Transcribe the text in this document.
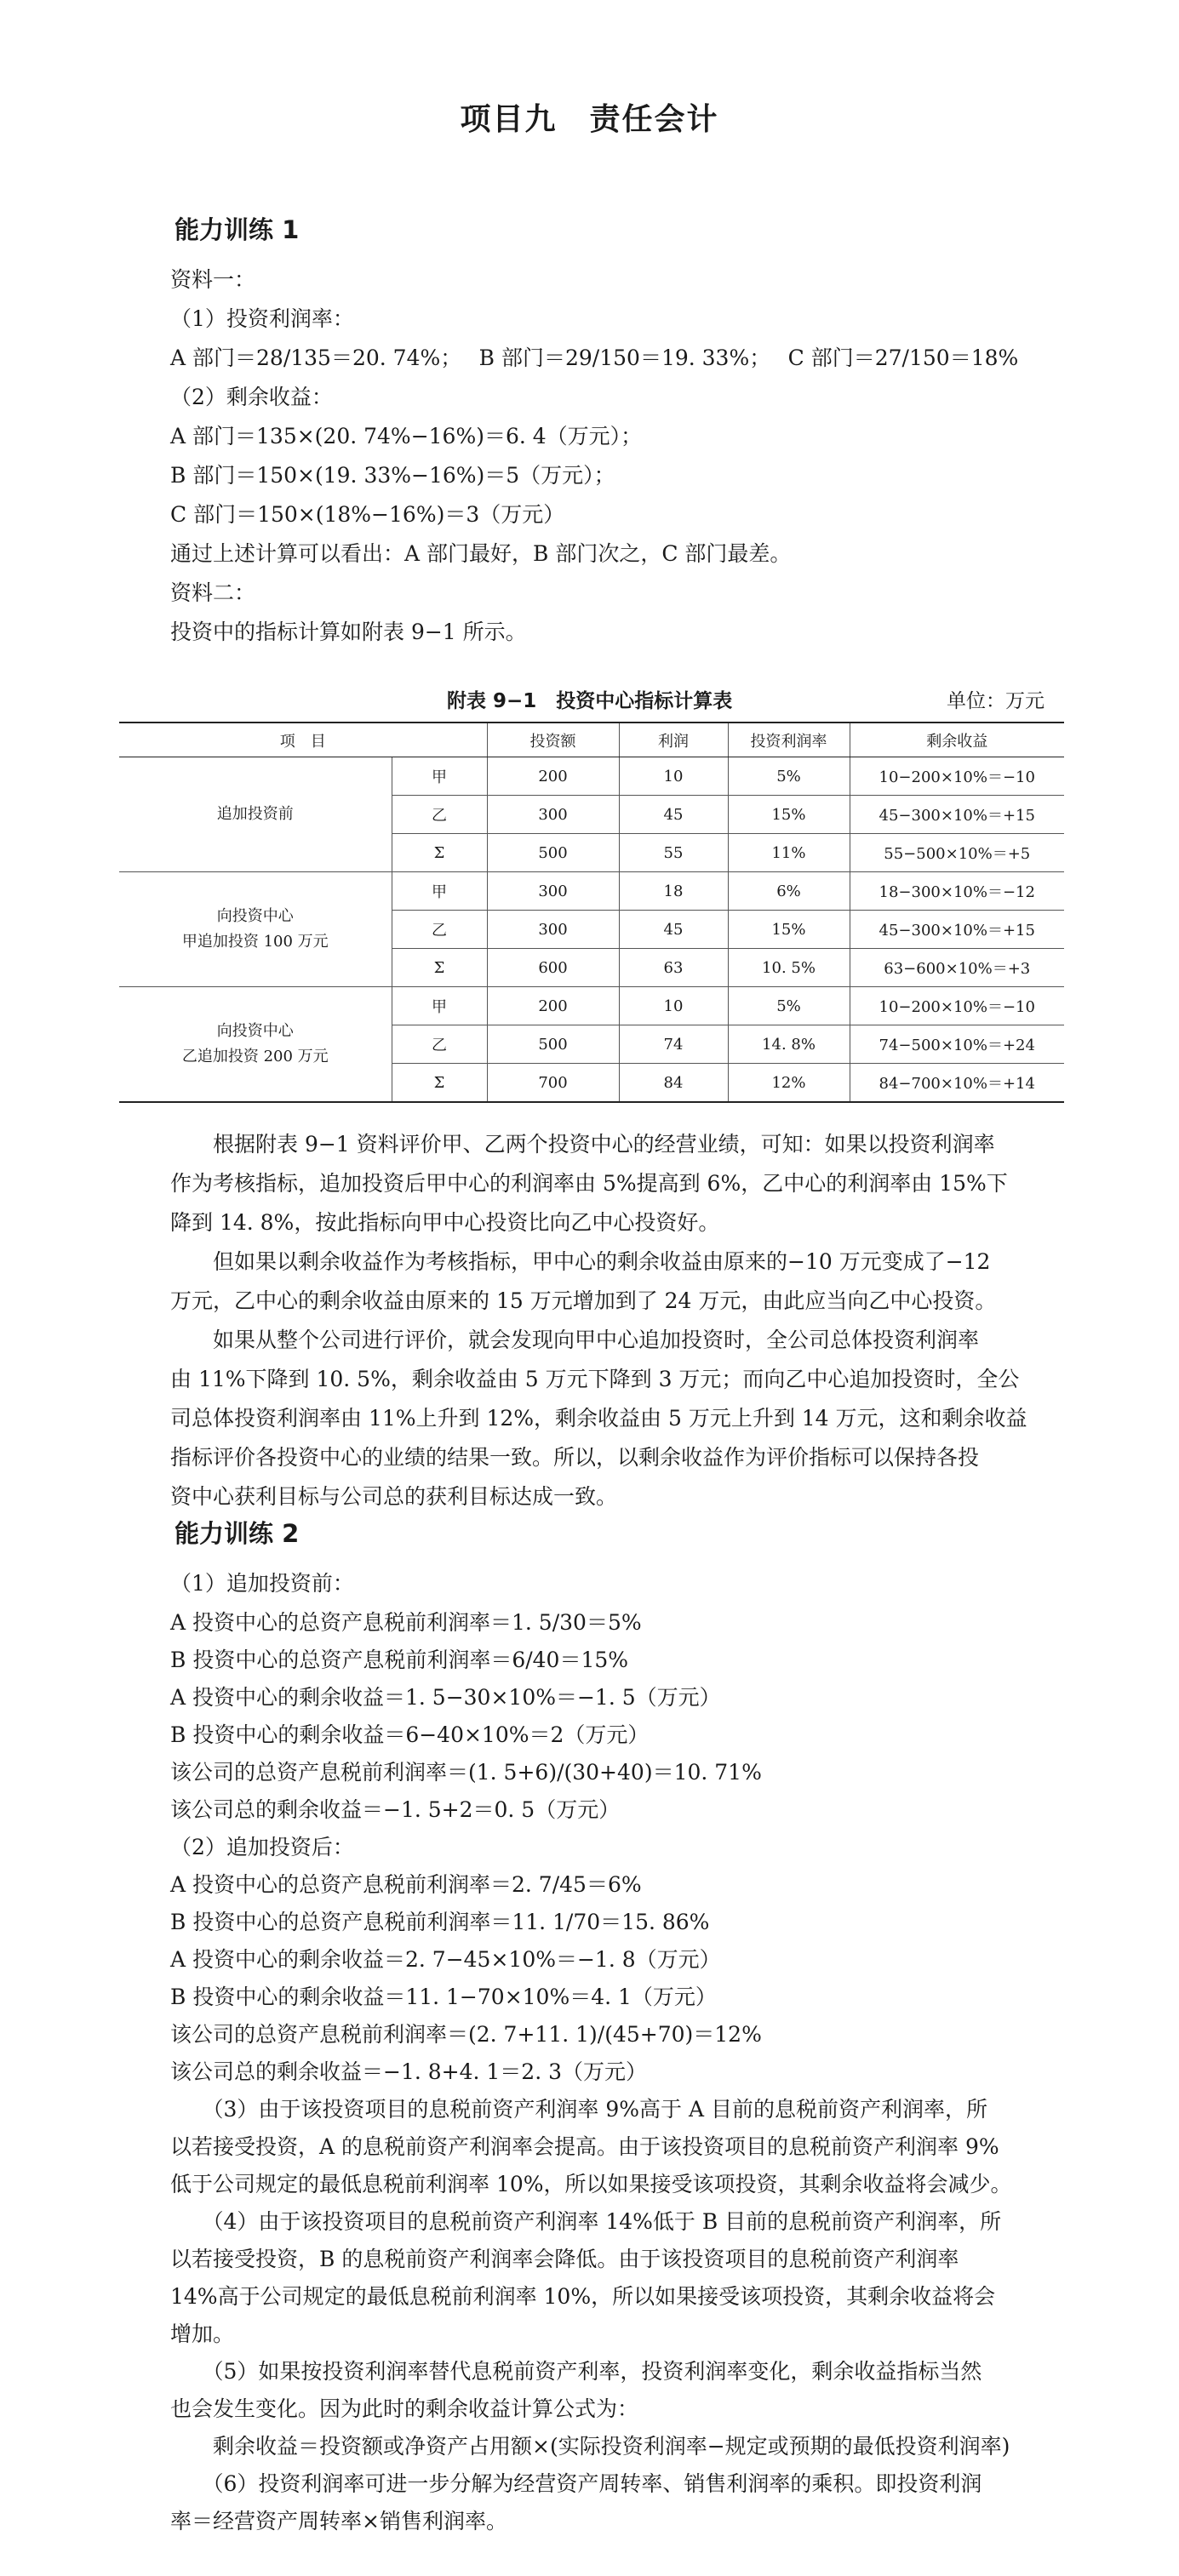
项目九　责任会计
能力训练 1
资料一：
（1）投资利润率：
A 部门＝28/135＝20. 74%；　 B 部门＝29/150＝19. 33%；　 C 部门＝27/150＝18%
（2）剩余收益：
A 部门＝135×(20. 74%−16%)＝6. 4（万元）；
B 部门＝150×(19. 33%−16%)＝5（万元）；
C 部门＝150×(18%−16%)＝3（万元）
通过上述计算可以看出：A 部门最好，B 部门次之，C 部门最差。
资料二：
投资中的指标计算如附表 9−1 所示。
附表 9−1　投资中心指标计算表	单位：万元
项　目		投资额	利润	投资利润率	剩余收益
追加投资前	甲	200	10	5%	10−200×10%＝−10
	乙	300	45	15%	45−300×10%＝+15
	Σ	500	55	11%	55−500×10%＝+5
向投资中心
甲追加投资 100 万元	甲	300	18	6%	18−300×10%＝−12
	乙	300	45	15%	45−300×10%＝+15
	Σ	600	63	10. 5%	63−600×10%＝+3
向投资中心
乙追加投资 200 万元	甲	200	10	5%	10−200×10%＝−10
	乙	500	74	14. 8%	74−500×10%＝+24
	Σ	700	84	12%	84−700×10%＝+14
　　根据附表 9−1 资料评价甲、乙两个投资中心的经营业绩，可知：如果以投资利润率
作为考核指标，追加投资后甲中心的利润率由 5%提高到 6%，乙中心的利润率由 15%下
降到 14. 8%，按此指标向甲中心投资比向乙中心投资好。
　　但如果以剩余收益作为考核指标，甲中心的剩余收益由原来的−10 万元变成了−12
万元，乙中心的剩余收益由原来的 15 万元增加到了 24 万元，由此应当向乙中心投资。
　　如果从整个公司进行评价，就会发现向甲中心追加投资时，全公司总体投资利润率
由 11%下降到 10. 5%，剩余收益由 5 万元下降到 3 万元；而向乙中心追加投资时，全公
司总体投资利润率由 11%上升到 12%，剩余收益由 5 万元上升到 14 万元，这和剩余收益
指标评价各投资中心的业绩的结果一致。所以，以剩余收益作为评价指标可以保持各投
资中心获利目标与公司总的获利目标达成一致。
能力训练 2
（1）追加投资前：
A 投资中心的总资产息税前利润率＝1. 5/30＝5%
B 投资中心的总资产息税前利润率＝6/40＝15%
A 投资中心的剩余收益＝1. 5−30×10%＝−1. 5（万元）
B 投资中心的剩余收益＝6−40×10%＝2（万元）
该公司的总资产息税前利润率＝(1. 5+6)/(30+40)＝10. 71%
该公司总的剩余收益＝−1. 5+2＝0. 5（万元）
（2）追加投资后：
A 投资中心的总资产息税前利润率＝2. 7/45＝6%
B 投资中心的总资产息税前利润率＝11. 1/70＝15. 86%
A 投资中心的剩余收益＝2. 7−45×10%＝−1. 8（万元）
B 投资中心的剩余收益＝11. 1−70×10%＝4. 1（万元）
该公司的总资产息税前利润率＝(2. 7+11. 1)/(45+70)＝12%
该公司总的剩余收益＝−1. 8+4. 1＝2. 3（万元）
　　（3）由于该投资项目的息税前资产利润率 9%高于 A 目前的息税前资产利润率，所
以若接受投资，A 的息税前资产利润率会提高。由于该投资项目的息税前资产利润率 9%
低于公司规定的最低息税前利润率 10%，所以如果接受该项投资，其剩余收益将会减少。
　　（4）由于该投资项目的息税前资产利润率 14%低于 B 目前的息税前资产利润率，所
以若接受投资，B 的息税前资产利润率会降低。由于该投资项目的息税前资产利润率
14%高于公司规定的最低息税前利润率 10%，所以如果接受该项投资，其剩余收益将会
增加。
　　（5）如果按投资利润率替代息税前资产利率，投资利润率变化，剩余收益指标当然
也会发生变化。因为此时的剩余收益计算公式为：
　　剩余收益＝投资额或净资产占用额×(实际投资利润率−规定或预期的最低投资利润率)
　　（6）投资利润率可进一步分解为经营资产周转率、销售利润率的乘积。即投资利润
率＝经营资产周转率×销售利润率。
